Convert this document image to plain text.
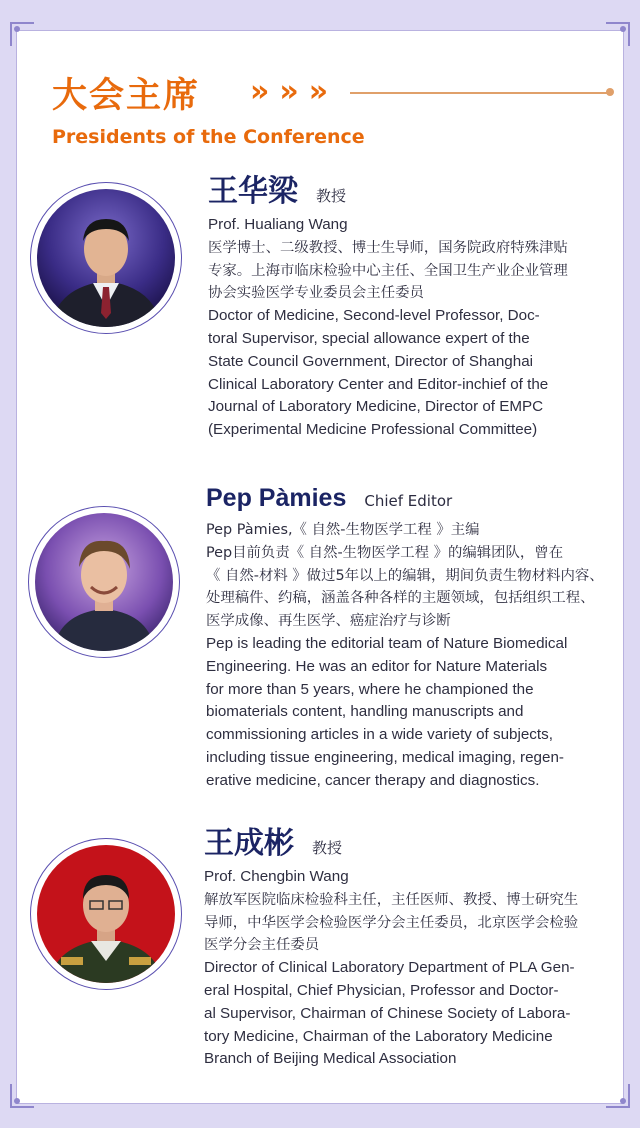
大会主席 »»»
Presidents of the Conference
王华梁 教授
Prof. Hualiang Wang
医学博士、二级教授、博士生导师，国务院政府特殊津贴
专家。上海市临床检验中心主任、全国卫生产业企业管理
协会实验医学专业委员会主任委员
Doctor of Medicine, Second-level Professor, Doc-
toral Supervisor, special allowance expert of the
State Council Government, Director of Shanghai
Clinical Laboratory Center and Editor-inchief of the
Journal of Laboratory Medicine, Director of EMPC
(Experimental Medicine Professional Committee)
Pep Pàmies Chief Editor
Pep Pàmies,《 自然-生物医学工程 》主编
Pep目前负责《 自然-生物医学工程 》的编辑团队，曾在
《 自然-材料 》做过5年以上的编辑，期间负责生物材料内容、
处理稿件、约稿，涵盖各种各样的主题领域，包括组织工程、
医学成像、再生医学、癌症治疗与诊断
Pep is leading the editorial team of Nature Biomedical
Engineering. He was an editor for Nature Materials
for more than 5 years, where he championed the
biomaterials content, handling manuscripts and
commissioning articles in a wide variety of subjects,
including tissue engineering, medical imaging, regen-
erative medicine, cancer therapy and diagnostics.
王成彬 教授
Prof. Chengbin Wang
解放军医院临床检验科主任，主任医师、教授、博士研究生
导师，中华医学会检验医学分会主任委员，北京医学会检验
医学分会主任委员
Director of Clinical Laboratory Department of PLA Gen-
eral Hospital, Chief Physician, Professor and Doctor-
al Supervisor, Chairman of Chinese Society of Labora-
tory Medicine, Chairman of the Laboratory Medicine
Branch of Beijing Medical Association
